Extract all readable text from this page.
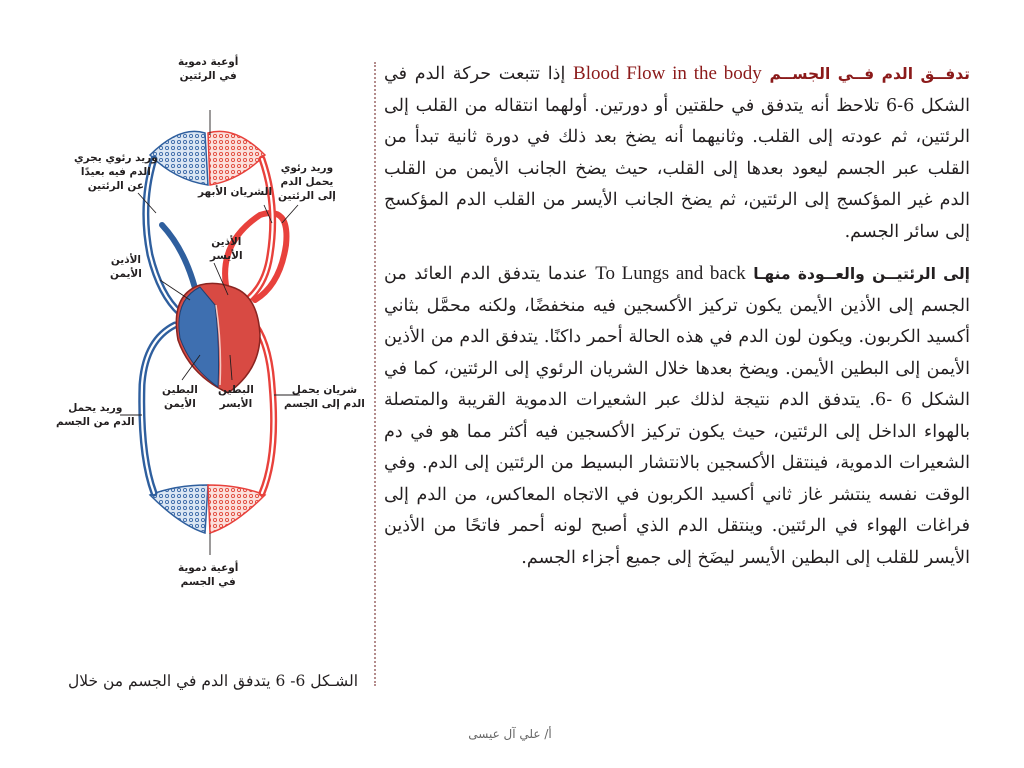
تدفــق الدم فــي الجســم Blood Flow in the body إذا تتبعت حركة الدم في الشكل 6-6 تلاحظ أنه يتدفق في حلقتين أو دورتين. أولهما انتقاله من القلب إلى الرئتين، ثم عودته إلى القلب. وثانيهما أنه يضخ بعد ذلك في دورة ثانية تبدأ من القلب عبر الجسم ليعود بعدها إلى القلب، حيث يضخ الجانب الأيمن من القلب الدم غير المؤكسج إلى الرئتين، ثم يضخ الجانب الأيسر من القلب الدم المؤكسج إلى سائر الجسم.

إلى الرئتيــن والعــودة منهـا To Lungs and back عندما يتدفق الدم العائد من الجسم إلى الأذين الأيمن يكون تركيز الأكسجين فيه منخفضًا، ولكنه محمَّل بثاني أكسيد الكربون. ويكون لون الدم في هذه الحالة أحمر داكنًا. يتدفق الدم من الأذين الأيمن إلى البطين الأيمن. ويضخ بعدها خلال الشريان الرئوي إلى الرئتين، كما في الشكل 6 -6. يتدفق الدم نتيجة لذلك عبر الشعيرات الدموية القريبة والمتصلة بالهواء الداخل إلى الرئتين، حيث يكون تركيز الأكسجين فيه أكثر مما هو في دم الشعيرات الدموية، فينتقل الأكسجين بالانتشار البسيط من الرئتين إلى الدم. وفي الوقت نفسه ينتشر غاز ثاني أكسيد الكربون في الاتجاه المعاكس، من الدم إلى فراغات الهواء في الرئتين. وينتقل الدم الذي أصبح لونه أحمر فاتحًا من الأذين الأيسر للقلب إلى البطين الأيسر ليضَخ إلى جميع أجزاء الجسم.

أوعية دموية
في الرئتين
وريد رئوي يجري
الدم فيه بعيدًا
عن الرئتين	الشريان الأبهر
وريد رئوي
يحمل الدم
إلى الرئتين
الأذين
الأيسر
الأذين
الأيمن
البطين
الأيمن
البطين
الأيسر
شريان يحمل
الدم إلى الجسم
وريد يحمل
الدم من الجسم
أوعية دموية
في الجسم
الشـكل 6- 6 يتدفق الدم في الجسم من خلال
أ/ علي آل عيسى
